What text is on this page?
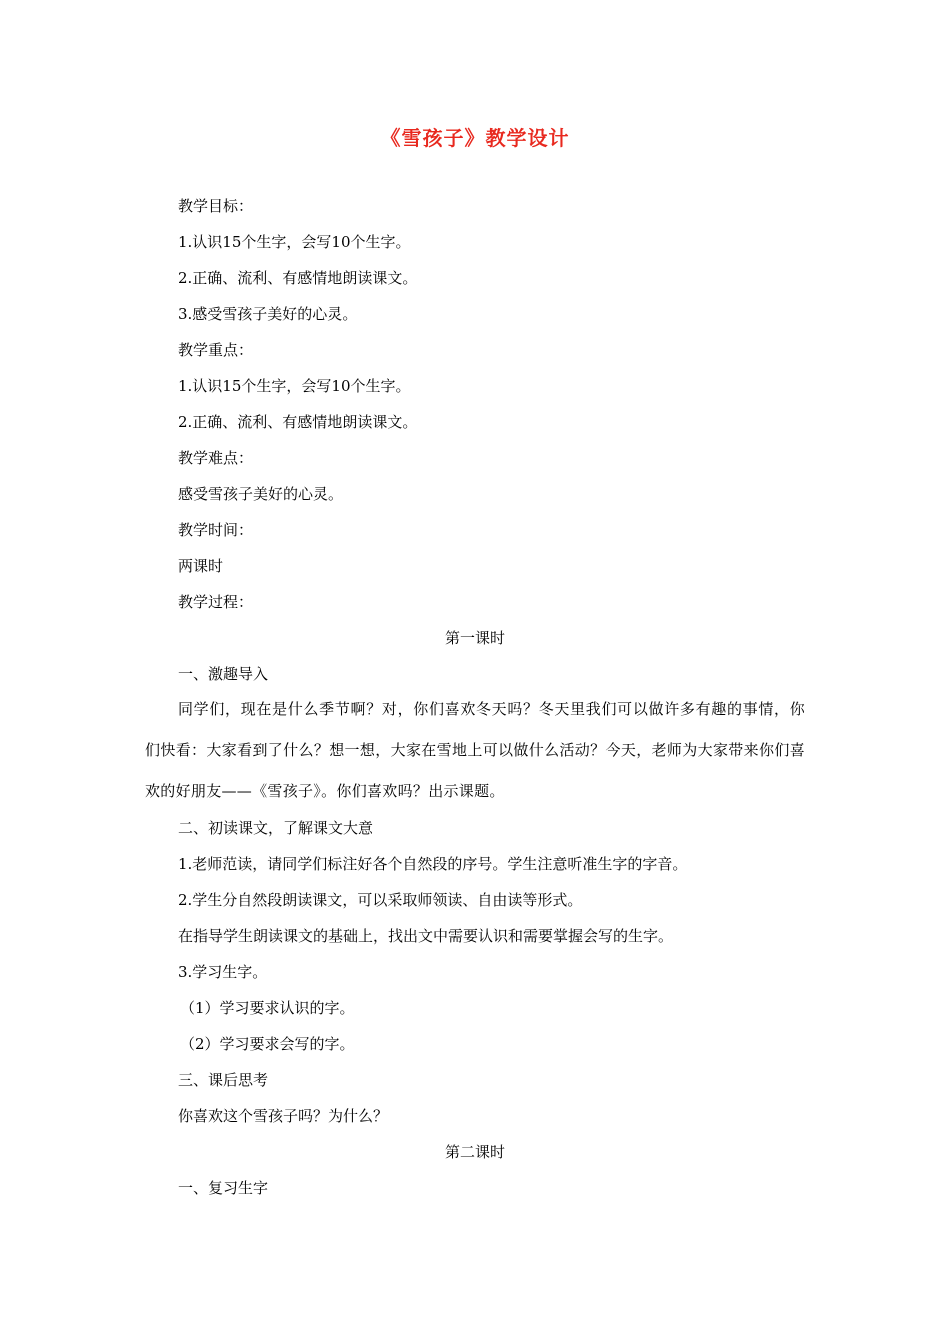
《雪孩子》教学设计
教学目标：
1.认识15个生字，会写10个生字。
2.正确、流利、有感情地朗读课文。
3.感受雪孩子美好的心灵。
教学重点：
1.认识15个生字，会写10个生字。
2.正确、流利、有感情地朗读课文。
教学难点：
感受雪孩子美好的心灵。
教学时间：
两课时
教学过程：
第一课时
一、激趣导入
同学们，现在是什么季节啊？对，你们喜欢冬天吗？冬天里我们可以做许多有趣的事情，你们快看：大家看到了什么？想一想，大家在雪地上可以做什么活动？今天，老师为大家带来你们喜欢的好朋友——《雪孩子》。你们喜欢吗？出示课题。
二、初读课文，了解课文大意
1.老师范读，请同学们标注好各个自然段的序号。学生注意听准生字的字音。
2.学生分自然段朗读课文，可以采取师领读、自由读等形式。
在指导学生朗读课文的基础上，找出文中需要认识和需要掌握会写的生字。
3.学习生字。
（1）学习要求认识的字。
（2）学习要求会写的字。
三、课后思考
你喜欢这个雪孩子吗？为什么？
第二课时
一、复习生字
